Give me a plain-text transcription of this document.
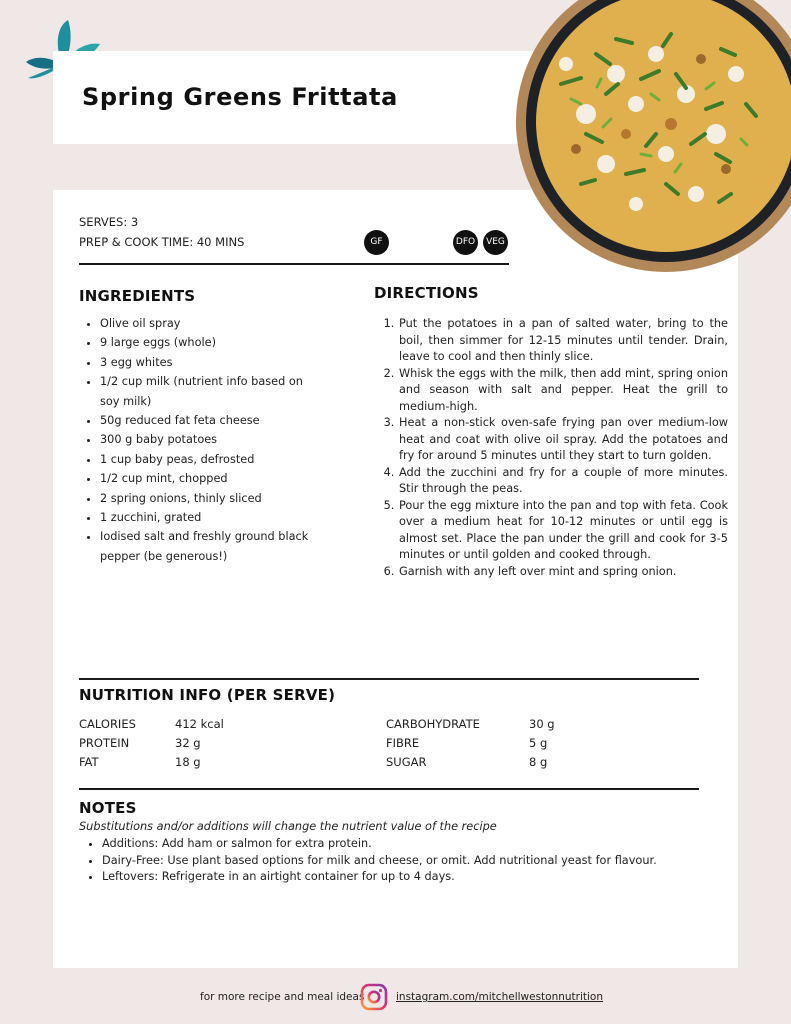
Spring Greens Frittata
SERVES: 3
PREP & COOK TIME: 40 MINS	GF	DFO	VEG
INGREDIENTS
• Olive oil spray
• 9 large eggs (whole)
• 3 egg whites
• 1/2 cup milk (nutrient info based on soy milk)
• 50g reduced fat feta cheese
• 300 g baby potatoes
• 1 cup baby peas, defrosted
• 1/2 cup mint, chopped
• 2 spring onions, thinly sliced
• 1 zucchini, grated
• Iodised salt and freshly ground black pepper (be generous!)
DIRECTIONS
1. Put the potatoes in a pan of salted water, bring to the boil, then simmer for 12-15 minutes until tender. Drain, leave to cool and then thinly slice.
2. Whisk the eggs with the milk, then add mint, spring onion and season with salt and pepper. Heat the grill to medium-high.
3. Heat a non-stick oven-safe frying pan over medium-low heat and coat with olive oil spray. Add the potatoes and fry for around 5 minutes until they start to turn golden.
4. Add the zucchini and fry for a couple of more minutes. Stir through the peas.
5. Pour the egg mixture into the pan and top with feta. Cook over a medium heat for 10-12 minutes or until egg is almost set. Place the pan under the grill and cook for 3-5 minutes or until golden and cooked through.
6. Garnish with any left over mint and spring onion.
NUTRITION INFO (PER SERVE)
CALORIES	412 kcal
PROTEIN	32 g
FAT	18 g
CARBOHYDRATE	30 g
FIBRE	5 g
SUGAR	8 g
NOTES
Substitutions and/or additions will change the nutrient value of the recipe
• Additions: Add ham or salmon for extra protein.
• Dairy-Free: Use plant based options for milk and cheese, or omit. Add nutritional yeast for flavour.
• Leftovers: Refrigerate in an airtight container for up to 4 days.
for more recipe and meal ideas	instagram.com/mitchellwestonnutrition
